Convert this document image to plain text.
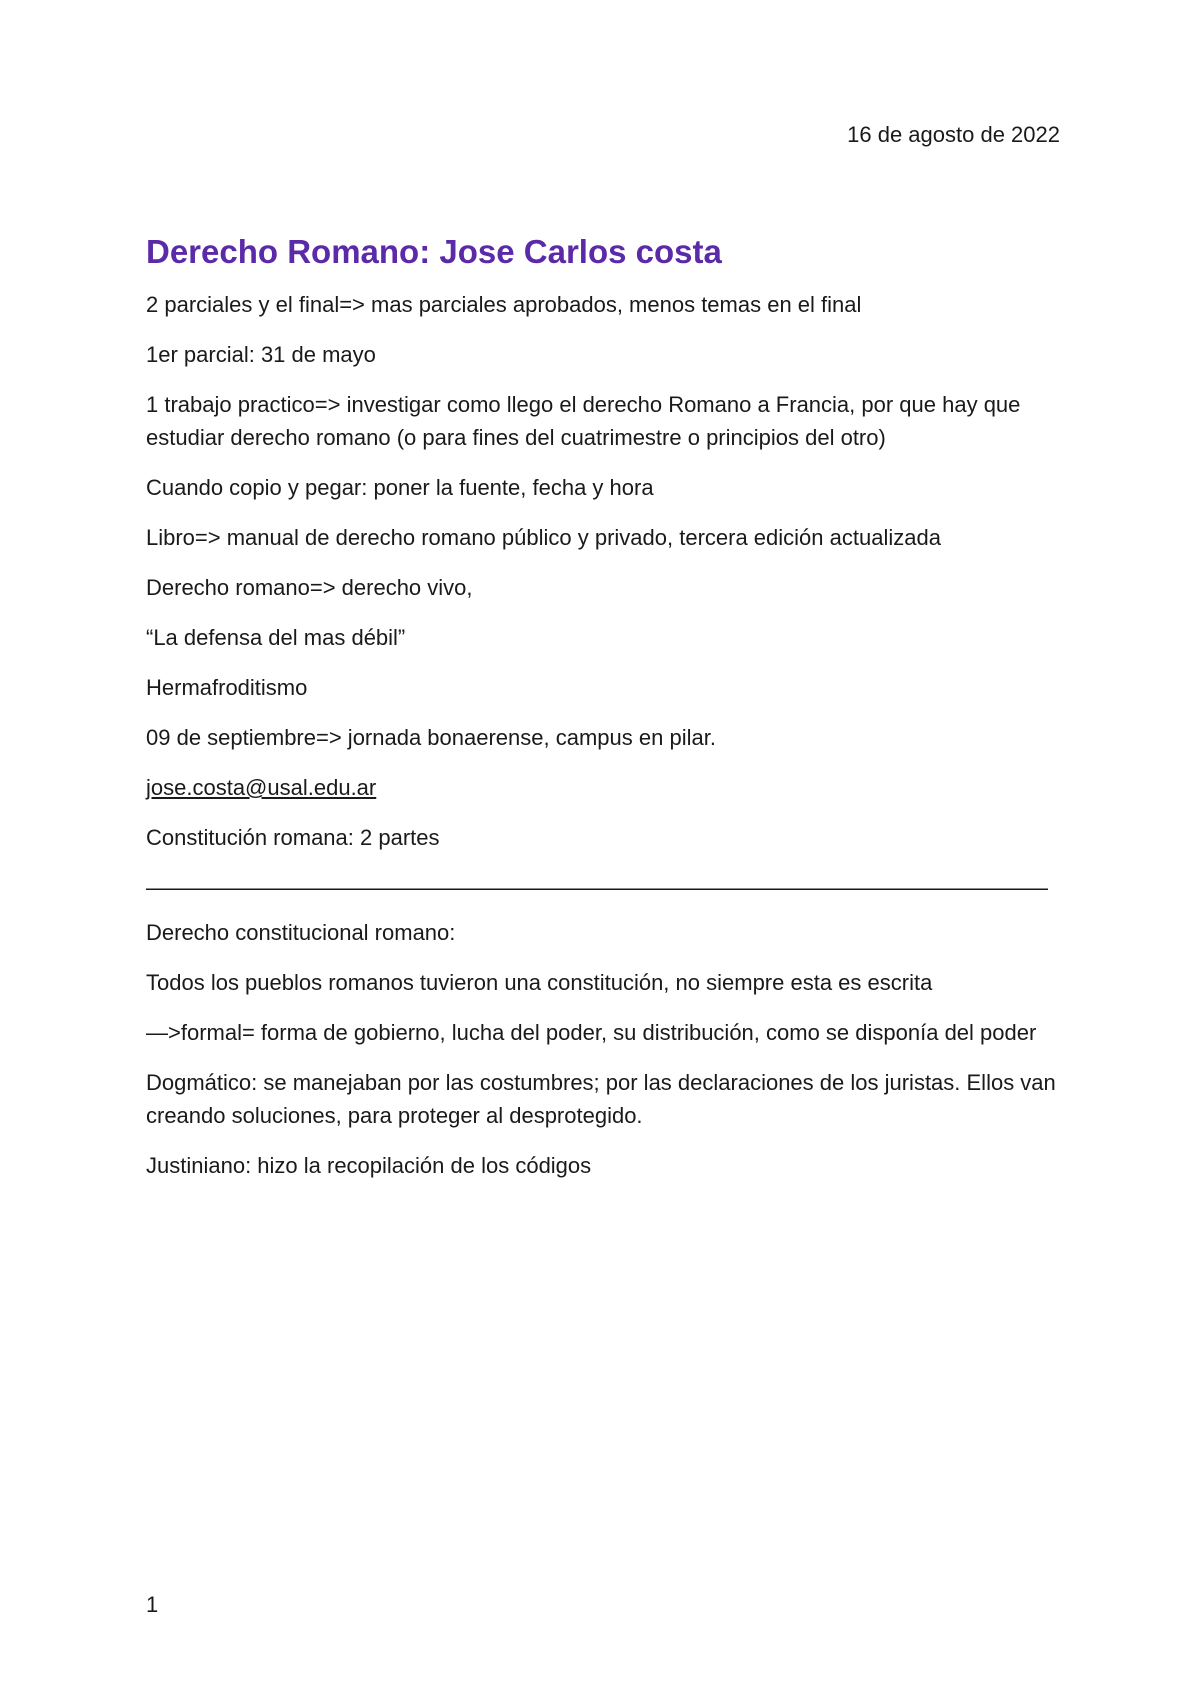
16 de agosto de 2022
Derecho Romano: Jose Carlos costa

2 parciales y el final=> mas parciales aprobados, menos temas en el final

1er parcial: 31 de mayo

1 trabajo practico=> investigar como llego el derecho Romano a Francia, por que hay que estudiar derecho romano (o para fines del cuatrimestre o principios del otro)

Cuando copio y pegar: poner la fuente, fecha y hora

Libro=> manual de derecho romano público y privado, tercera edición actualizada

Derecho romano=> derecho vivo,

“La defensa del mas débil”

Hermafroditismo

09 de septiembre=> jornada bonaerense, campus en pilar.

jose.costa@usal.edu.ar

Constitución romana: 2 partes

—————————————————————————————————————————————

Derecho constitucional romano:

Todos los pueblos romanos tuvieron una constitución, no siempre esta es escrita

—>formal= forma de gobierno, lucha del poder, su distribución, como se disponía del poder

Dogmático: se manejaban por las costumbres; por las declaraciones de los juristas. Ellos van creando soluciones, para proteger al desprotegido.

Justiniano: hizo la recopilación de los códigos

1
